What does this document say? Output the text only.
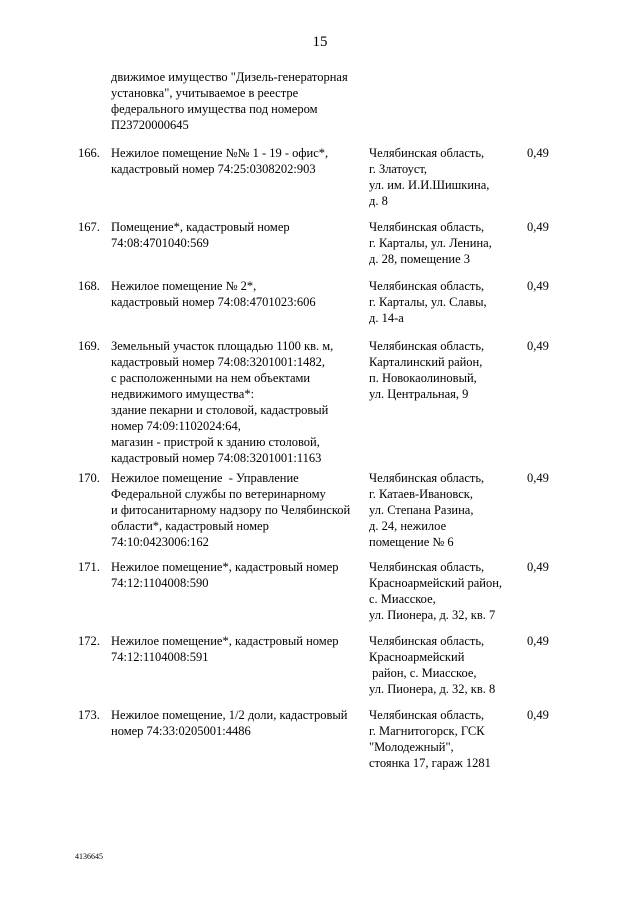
15
движимое имущество "Дизель-генераторная
установка", учитываемое в реестре
федерального имущества под номером
П23720000645
166. Нежилое помещение №№ 1 - 19 - офис*,
кадастровый номер 74:25:0308202:903
Челябинская область,
г. Златоуст,
ул. им. И.И.Шишкина,
д. 8
0,49
167. Помещение*, кадастровый номер
74:08:4701040:569
Челябинская область,
г. Карталы, ул. Ленина,
д. 28, помещение 3
0,49
168. Нежилое помещение № 2*,
кадастровый номер 74:08:4701023:606
Челябинская область,
г. Карталы, ул. Славы,
д. 14-а
0,49
169. Земельный участок площадью 1100 кв. м,
кадастровый номер 74:08:3201001:1482,
с расположенными на нем объектами
недвижимого имущества*:
здание пекарни и столовой, кадастровый
номер 74:09:1102024:64,
магазин - пристрой к зданию столовой,
кадастровый номер 74:08:3201001:1163
Челябинская область,
Карталинский район,
п. Новокаолиновый,
ул. Центральная, 9
0,49
170. Нежилое помещение  - Управление
Федеральной службы по ветеринарному
и фитосанитарному надзору по Челябинской
области*, кадастровый номер
74:10:0423006:162
Челябинская область,
г. Катаев-Ивановск,
ул. Степана Разина,
д. 24, нежилое
помещение № 6
0,49
171. Нежилое помещение*, кадастровый номер
74:12:1104008:590
Челябинская область,
Красноармейский район,
с. Миасское,
ул. Пионера, д. 32, кв. 7
0,49
172. Нежилое помещение*, кадастровый номер
74:12:1104008:591
Челябинская область,
Красноармейский
район, с. Миасское,
ул. Пионера, д. 32, кв. 8
0,49
173. Нежилое помещение, 1/2 доли, кадастровый
номер 74:33:0205001:4486
Челябинская область,
г. Магнитогорск, ГСК
"Молодежный",
стоянка 17, гараж 1281
0,49
4136645
